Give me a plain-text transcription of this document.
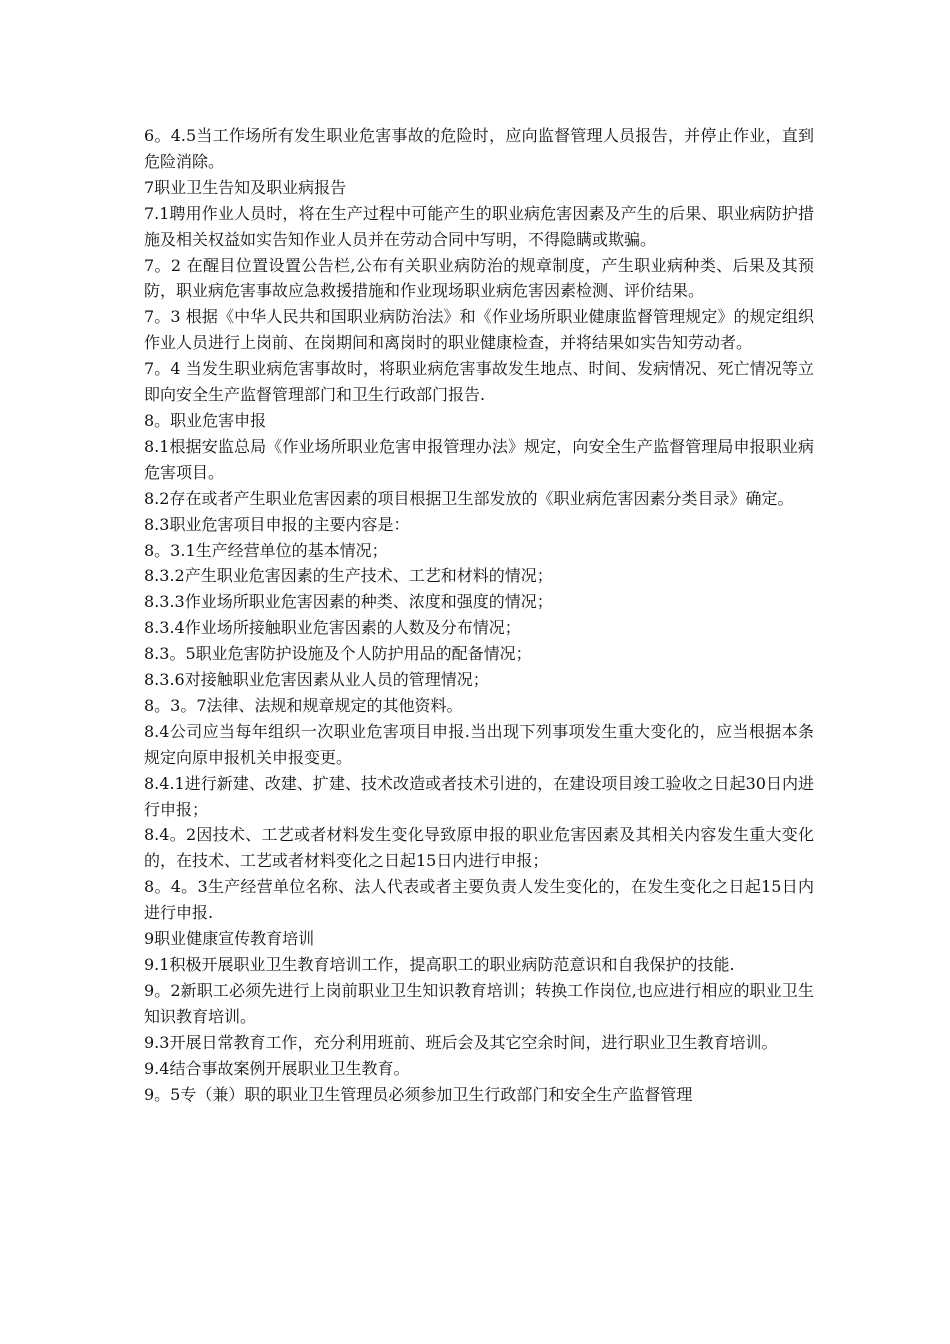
6。4.5当工作场所有发生职业危害事故的危险时，应向监督管理人员报告，并停止作业，直到危险消除。

7职业卫生告知及职业病报告

7.1聘用作业人员时，将在生产过程中可能产生的职业病危害因素及产生的后果、职业病防护措施及相关权益如实告知作业人员并在劳动合同中写明，不得隐瞒或欺骗。

7。2 在醒目位置设置公告栏,公布有关职业病防治的规章制度，产生职业病种类、后果及其预防，职业病危害事故应急救援措施和作业现场职业病危害因素检测、评价结果。

7。3 根据《中华人民共和国职业病防治法》和《作业场所职业健康监督管理规定》的规定组织作业人员进行上岗前、在岗期间和离岗时的职业健康检查，并将结果如实告知劳动者。

7。4 当发生职业病危害事故时，将职业病危害事故发生地点、时间、发病情况、死亡情况等立即向安全生产监督管理部门和卫生行政部门报告.

8。职业危害申报

8.1根据安监总局《作业场所职业危害申报管理办法》规定，向安全生产监督管理局申报职业病危害项目。

8.2存在或者产生职业危害因素的项目根据卫生部发放的《职业病危害因素分类目录》确定。

8.3职业危害项目申报的主要内容是：

8。3.1生产经营单位的基本情况；

8.3.2产生职业危害因素的生产技术、工艺和材料的情况；

8.3.3作业场所职业危害因素的种类、浓度和强度的情况；

8.3.4作业场所接触职业危害因素的人数及分布情况；

8.3。5职业危害防护设施及个人防护用品的配备情况；

8.3.6对接触职业危害因素从业人员的管理情况；

8。3。7法律、法规和规章规定的其他资料。

8.4公司应当每年组织一次职业危害项目申报.当出现下列事项发生重大变化的，应当根据本条规定向原申报机关申报变更。

8.4.1进行新建、改建、扩建、技术改造或者技术引进的，在建设项目竣工验收之日起30日内进行申报；

8.4。2因技术、工艺或者材料发生变化导致原申报的职业危害因素及其相关内容发生重大变化的，在技术、工艺或者材料变化之日起15日内进行申报；

8。4。3生产经营单位名称、法人代表或者主要负责人发生变化的，在发生变化之日起15日内进行申报.

9职业健康宣传教育培训

9.1积极开展职业卫生教育培训工作，提高职工的职业病防范意识和自我保护的技能.

9。2新职工必须先进行上岗前职业卫生知识教育培训；转换工作岗位,也应进行相应的职业卫生知识教育培训。

9.3开展日常教育工作，充分利用班前、班后会及其它空余时间，进行职业卫生教育培训。

9.4结合事故案例开展职业卫生教育。

9。5专（兼）职的职业卫生管理员必须参加卫生行政部门和安全生产监督管理
